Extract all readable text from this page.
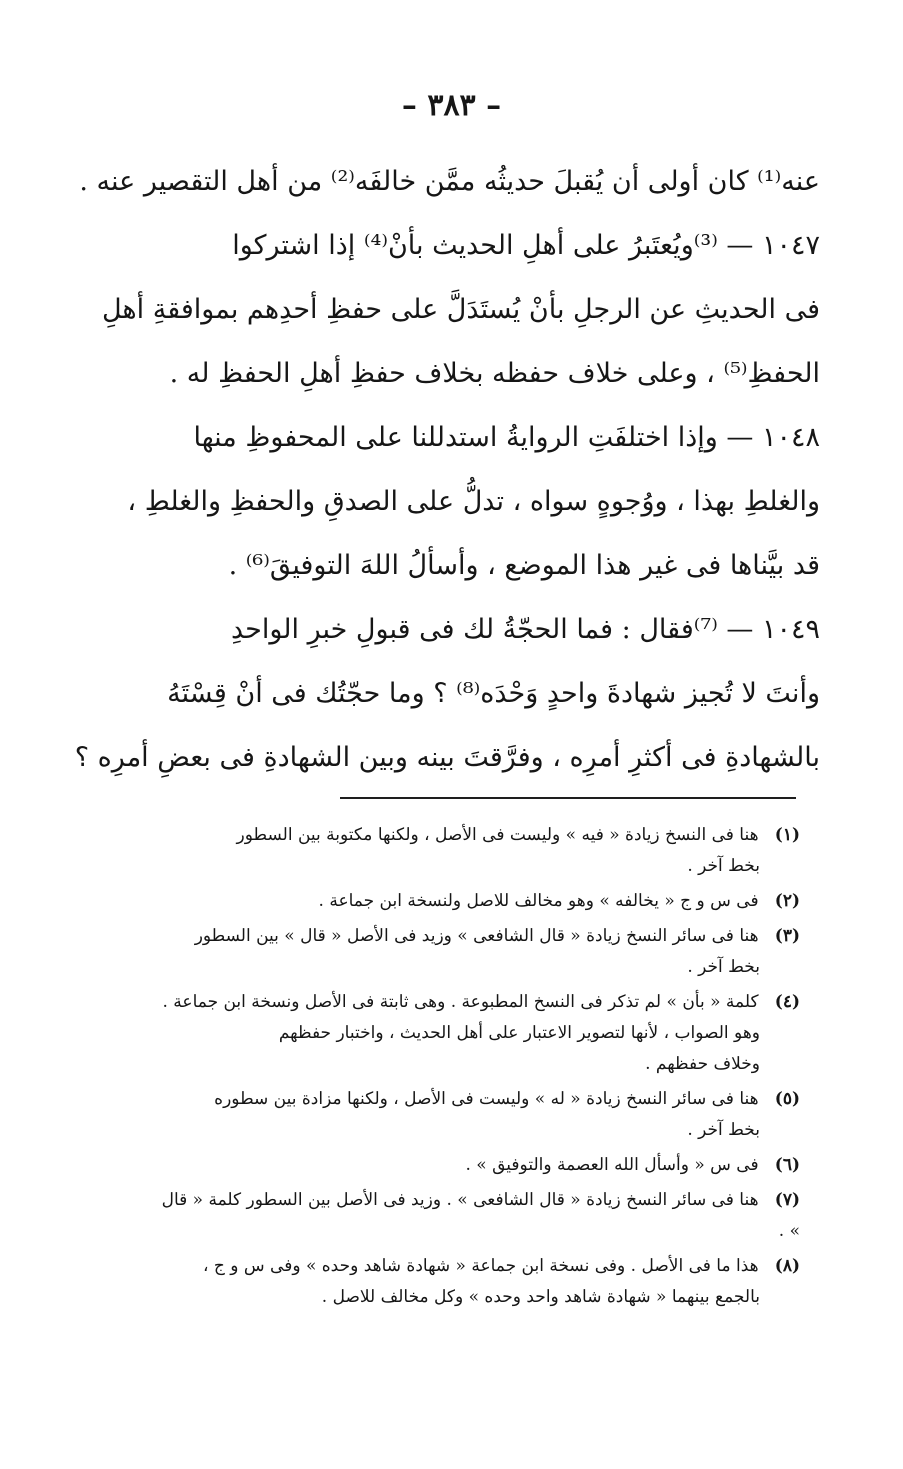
– ٣٨٣ –
عنه⁽¹⁾ كان أولى أن يُقبلَ حديثُه ممَّن خالفَه⁽²⁾ من أهل التقصير عنه .
١٠٤٧ — ⁽³⁾ويُعتَبرُ على أهلِ الحديث بأنْ⁽⁴⁾ إذا اشتركوا
فى الحديثِ عن الرجلِ بأنْ يُستَدَلَّ على حفظِ أحدِهم بموافقةِ أهلِ
الحفظِ⁽⁵⁾ ، وعلى خلاف حفظه بخلاف حفظِ أهلِ الحفظِ له .
١٠٤٨ — وإذا اختلفَتِ الروايةُ استدللنا على المحفوظِ منها
والغلطِ بهذا ، ووُجوهٍ سواه ، تدلُّ على الصدقِ والحفظِ والغلطِ ،
قد بيَّناها فى غير هذا الموضع ، وأسألُ اللهَ التوفيقَ⁽⁶⁾ .
١٠٤٩ — ⁽⁷⁾فقال : فما الحجّةُ لك فى قبولِ خبرِ الواحدِ
وأنتَ لا تُجيز شهادةَ واحدٍ وَحْدَه⁽⁸⁾ ؟ وما حجّتُك فى أنْ قِسْتَهُ
بالشهادةِ فى أكثرِ أمرِه ، وفرَّقتَ بينه وبين الشهادةِ فى بعضِ أمرِه ؟
(١) هنا فى النسخ زيادة « فيه » وليست فى الأصل ، ولكنها مكتوبة بين السطور
بخط آخر .
(٢) فى س و ج « يخالفه » وهو مخالف للاصل ولنسخة ابن جماعة .
(٣) هنا فى سائر النسخ زيادة « قال الشافعى » وزيد فى الأصل « قال » بين السطور
بخط آخر .
(٤) كلمة « بأن » لم تذكر فى النسخ المطبوعة . وهى ثابتة فى الأصل ونسخة ابن جماعة .
وهو الصواب ، لأنها لتصوير الاعتبار على أهل الحديث ، واختبار حفظهم
وخلاف حفظهم .
(٥) هنا فى سائر النسخ زيادة « له » وليست فى الأصل ، ولكنها مزادة بين سطوره
بخط آخر .
(٦) فى س « وأسأل الله العصمة والتوفيق » .
(٧) هنا فى سائر النسخ زيادة « قال الشافعى » . وزيد فى الأصل بين السطور كلمة « قال » .
(٨) هذا ما فى الأصل . وفى نسخة ابن جماعة « شهادة شاهد وحده » وفى س و ج ،
بالجمع بينهما « شهادة شاهد واحد وحده » وكل مخالف للاصل .
